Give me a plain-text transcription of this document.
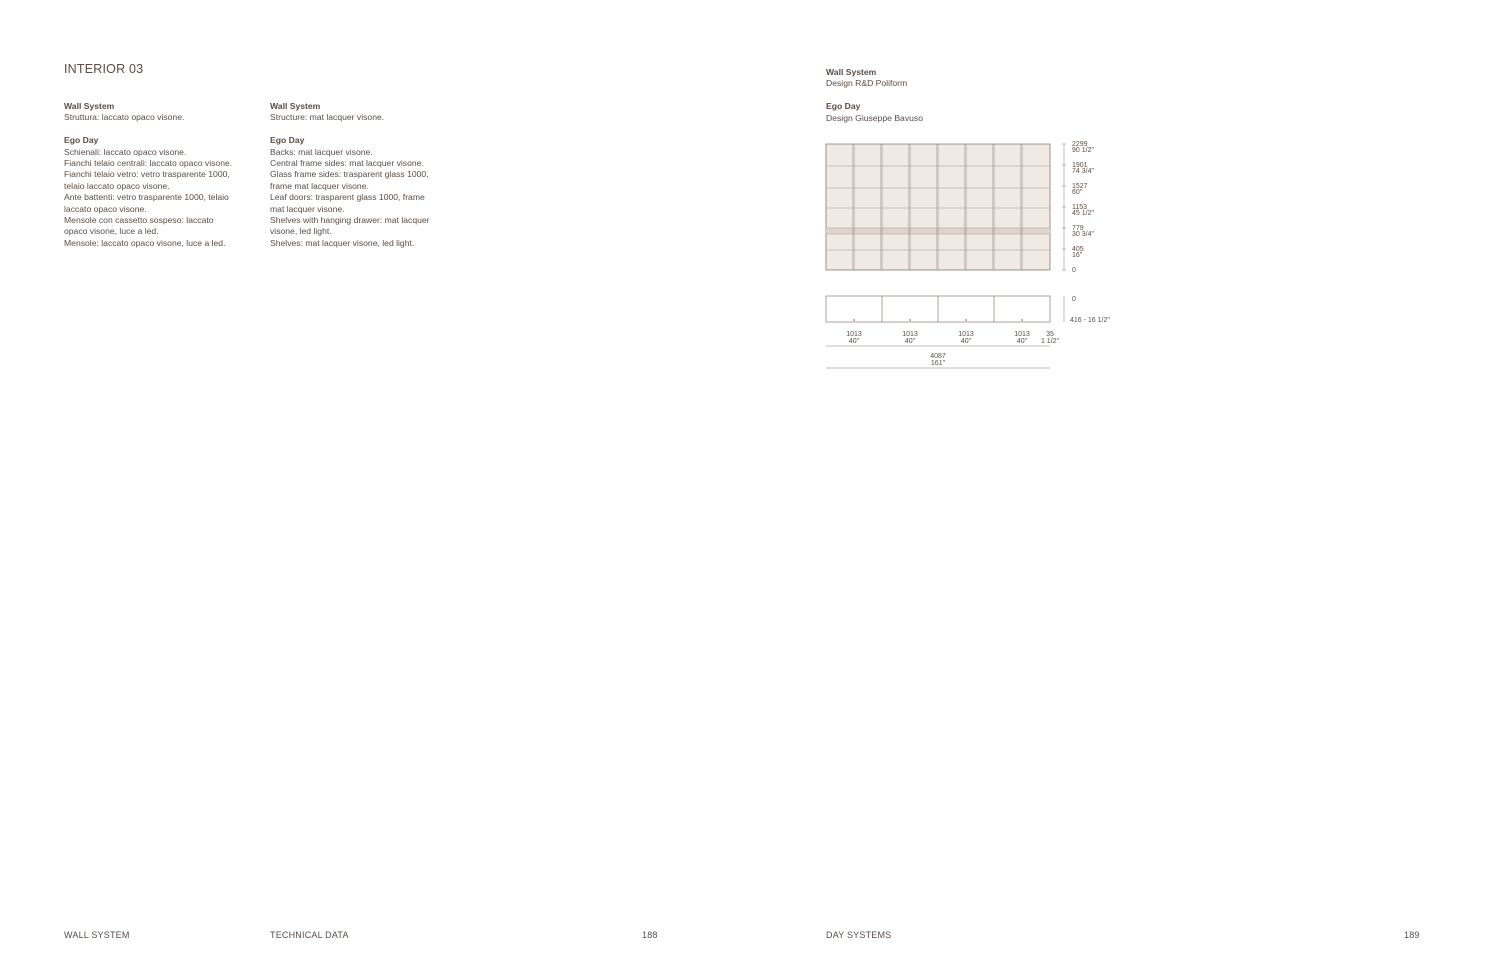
INTERIOR 03
Wall System
Struttura: laccato opaco visone.
Ego Day
Schienali: laccato opaco visone.
Fianchi telaio centrali: laccato opaco visone.
Fianchi telaio vetro: vetro trasparente 1000,
telaio laccato opaco visone.
Ante battenti: vetro trasparente 1000, telaio
laccato opaco visone.
Mensole con cassetto sospeso: laccato
opaco visone, luce a led.
Mensole: laccato opaco visone, luce a led.
Wall System
Structure: mat lacquer visone.
Ego Day
Backs: mat lacquer visone.
Central frame sides: mat lacquer visone.
Glass frame sides: trasparent glass 1000,
frame mat lacquer visone.
Leaf doors: trasparent glass 1000, frame
mat lacquer visone.
Shelves with hanging drawer: mat lacquer
visone, led light.
Shelves: mat lacquer visone, led light.
Wall System
Design R&D Poliform
Ego Day
Design Giuseppe Bavuso
2299
90 1/2"
1901
74 3/4"
1527
60"
1153
45 1/2"
779
30 3/4"
405
16"
0
0
416 - 16 1/2"
1013
40"
1013
40"
1013
40"
1013
40"
35
1 1/2"
4087
161"
WALL SYSTEM	TECHNICAL DATA	188	DAY SYSTEMS	189
